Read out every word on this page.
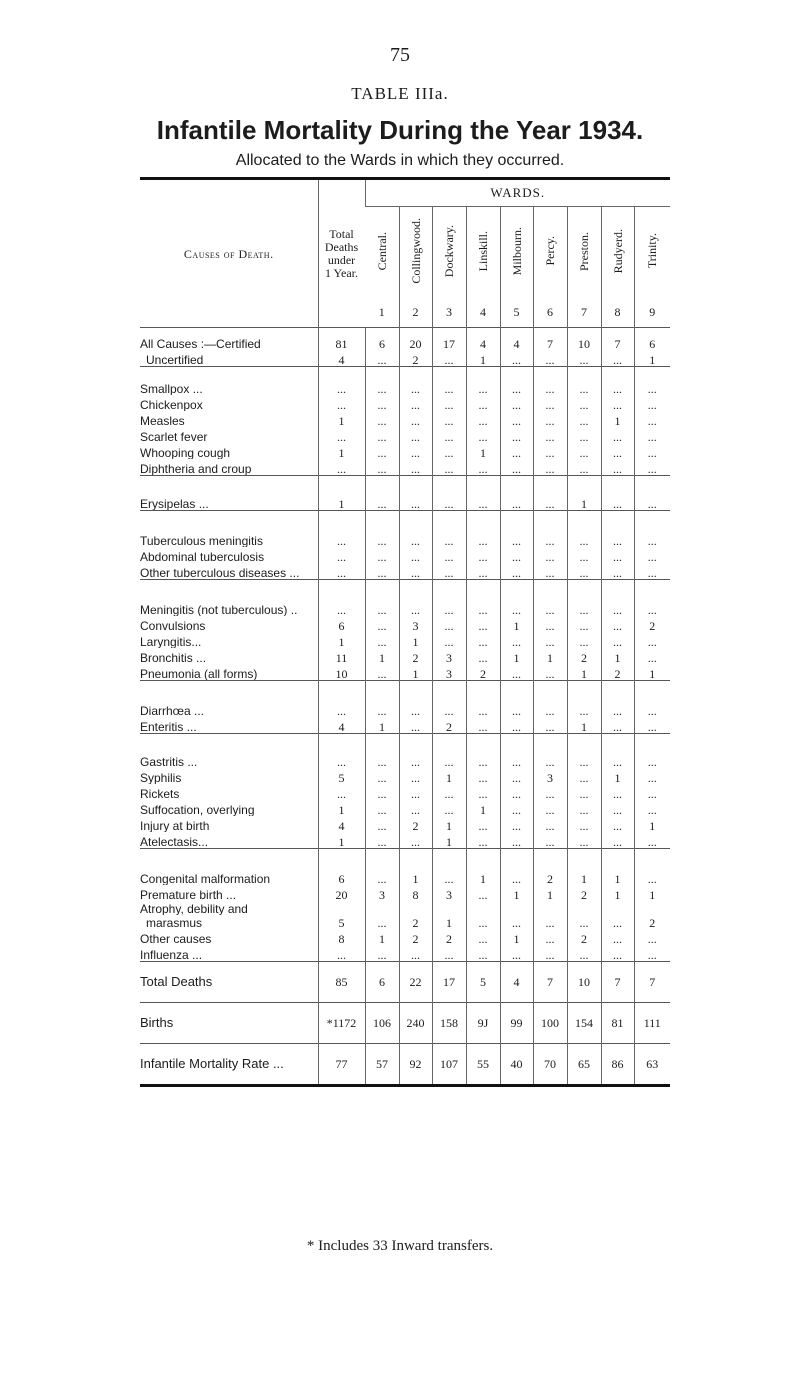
75
TABLE IIIa.
Infantile Mortality During the Year 1934.
Allocated to the Wards in which they occurred.
Causes of Death.	Total
Deaths
under
1 Year.	WARDS.								
		Central.	Collingwood.	Dockwary.	Linskill.	Milbourn.	Percy.	Preston.	Rudyerd.	Trinity.
		1	2	3	4	5	6	7	8	9
All Causes :—Certified	81	6	20	17	4	4	7	10	7	6
Uncertified	4	...	2	...	1	...	...	...	...	1
Smallpox ...	...	...	...	...	...	...	...	...	...	...
Chickenpox	...	...	...	...	...	...	...	...	...	...
Measles	1	...	...	...	...	...	...	...	1	...
Scarlet fever	...	...	...	...	...	...	...	...	...	...
Whooping cough	1	...	...	...	1	...	...	...	...	...
Diphtheria and croup	...	...	...	...	...	...	...	...	...	...
Erysipelas ...	1	...	...	...	...	...	...	1	...	...
Tuberculous meningitis	...	...	...	...	...	...	...	...	...	...
Abdominal tuberculosis	...	...	...	...	...	...	...	...	...	...
Other tuberculous diseases ...	...	...	...	...	...	...	...	...	...	...
Meningitis (not tuberculous) ..	...	...	...	...	...	...	...	...	...	...
Convulsions	6	...	3	...	...	1	...	...	...	2
Laryngitis...	1	...	1	...	...	...	...	...	...	...
Bronchitis ...	11	1	2	3	...	1	1	2	1	...
Pneumonia (all forms)	10	...	1	3	2	...	...	1	2	1
Diarrhœa ...	...	...	...	...	...	...	...	...	...	...
Enteritis ...	4	1	...	2	...	...	...	1	...	...
Gastritis ...	...	...	...	...	...	...	...	...	...	...
Syphilis	5	...	...	1	...	...	3	...	1	...
Rickets	...	...	...	...	...	...	...	...	...	...
Suffocation, overlying	1	...	...	...	1	...	...	...	...	...
Injury at birth	4	...	2	1	...	...	...	...	...	1
Atelectasis...	1	...	...	1	...	...	...	...	...	...
Congenital malformation	6	...	1	...	1	...	2	1	1	...
Premature birth ...	20	3	8	3	...	1	1	2	1	1
Atrophy, debility and										
marasmus	5	...	2	1	...	...	...	...	...	2
Other causes	8	1	2	2	...	1	...	2	...	...
Influenza ...	...	...	...	...	...	...	...	...	...	...
Total Deaths	85	6	22	17	5	4	7	10	7	7
Births	*1172	106	240	158	9J	99	100	154	81	111
Infantile Mortality Rate ...	77	57	92	107	55	40	70	65	86	63
* Includes 33 Inward transfers.
